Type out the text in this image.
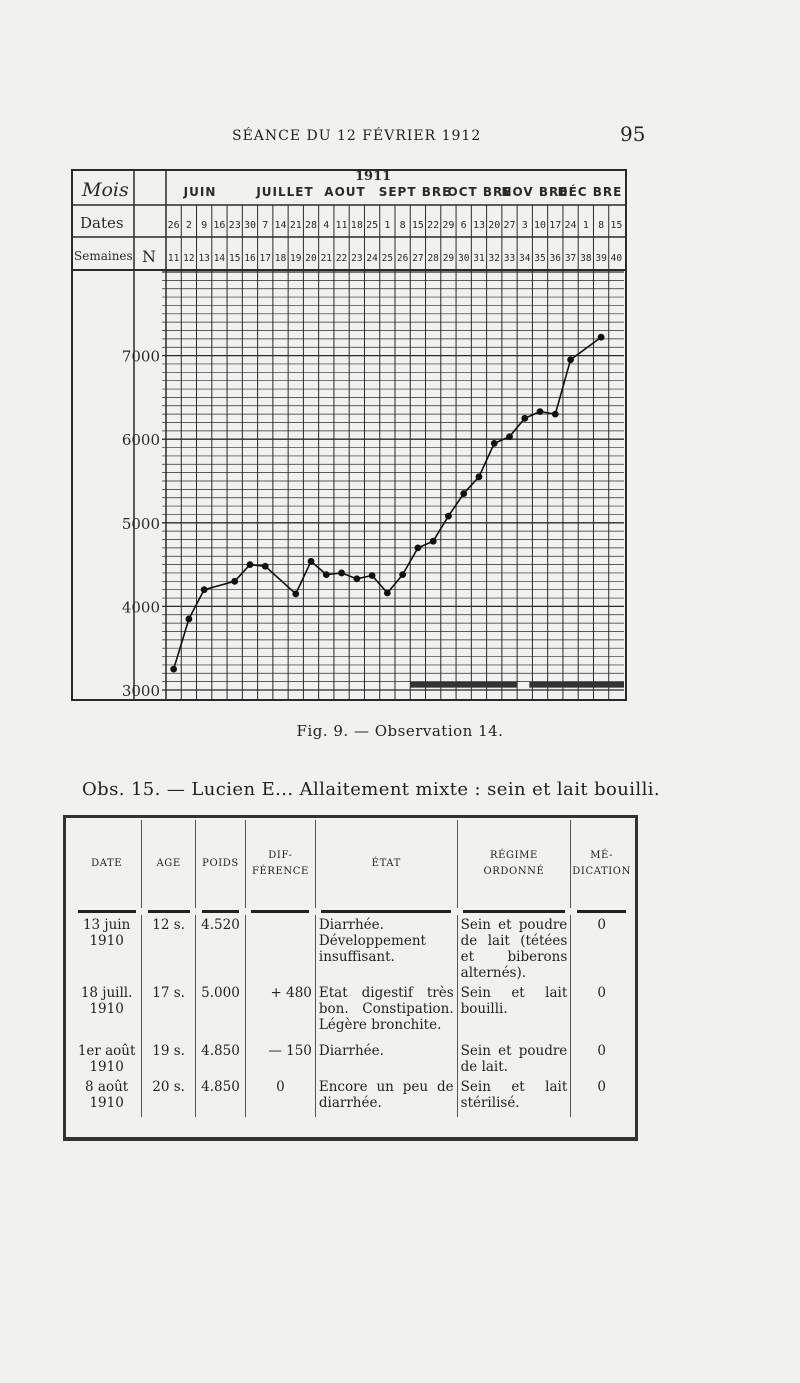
SÉANCE DU 12 FÉVRIER 1912	95
Mois
Dates
Semaines N
1911
JUIN	JUILLET AOUT SEPT BRE
OCT BRE
NOV BRE
DÉC BRE
26 2 9 16 23 30 7 14 21 28 4 11 18 25 1 8 15 22 29 6 13 20 27 3 10 17 24 1 8 15
11 12 13 14 15 16 17 18 19 20 21 22 23 24 25 26 27 28 29 30 31 32 33 34 35 36 37 38 39 40
7000
6000
5000
4000
3000
Fig. 9. — Observation 14.
Obs. 15. — Lucien E... Allaitement mixte : sein et lait bouilli.
DATE	AGE	POIDS	DIF- FÉRENCE	ÉTAT	RÉGIME ORDONNÉ	MÉ- DICATION

13 juin 1910	12 s.	4.520		Diarrhée. Développement insuffisant.	Sein et poudre de lait (tétées et biberons alternés).	0
18 juill. 1910	17 s.	5.000	+ 480	Etat digestif très bon. Constipation. Légère bronchite.	Sein et lait bouilli.	0
1er août 1910	19 s.	4.850	— 150	Diarrhée.	Sein et poudre de lait.	0
8 août 1910	20 s.	4.850	0	Encore un peu de diarrhée.	Sein et lait stérilisé.	0
